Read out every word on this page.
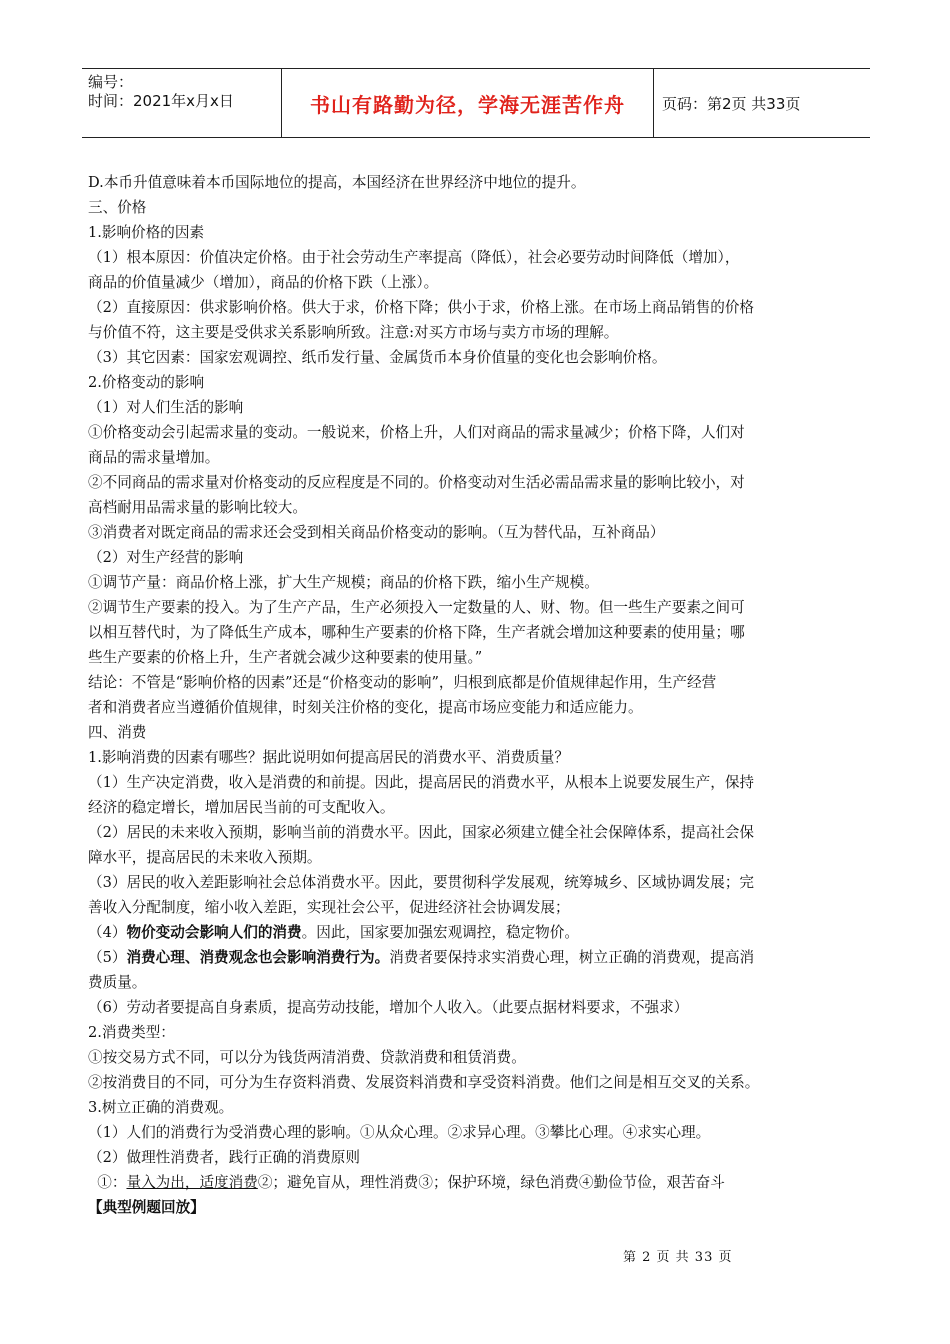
编号：
时间：2021年x月x日	书山有路勤为径，学海无涯苦作舟	页码：第2页 共33页
D.本币升值意味着本币国际地位的提高，本国经济在世界经济中地位的提升。
三、价格
1.影响价格的因素
（1）根本原因：价值决定价格。由于社会劳动生产率提高（降低），社会必要劳动时间降低（增加），
商品的价值量减少（增加），商品的价格下跌（上涨）。
（2）直接原因：供求影响价格。供大于求，价格下降；供小于求，价格上涨。在市场上商品销售的价格
与价值不符，这主要是受供求关系影响所致。注意:对买方市场与卖方市场的理解。
（3）其它因素：国家宏观调控、纸币发行量、金属货币本身价值量的变化也会影响价格。
2.价格变动的影响
（1）对人们生活的影响
①价格变动会引起需求量的变动。一般说来，价格上升，人们对商品的需求量减少；价格下降，人们对
商品的需求量增加。
②不同商品的需求量对价格变动的反应程度是不同的。价格变动对生活必需品需求量的影响比较小，对
高档耐用品需求量的影响比较大。
③消费者对既定商品的需求还会受到相关商品价格变动的影响。（互为替代品，互补商品）
（2）对生产经营的影响
①调节产量：商品价格上涨，扩大生产规模；商品的价格下跌，缩小生产规模。
②调节生产要素的投入。为了生产产品，生产必须投入一定数量的人、财、物。但一些生产要素之间可
以相互替代时，为了降低生产成本，哪种生产要素的价格下降，生产者就会增加这种要素的使用量；哪
些生产要素的价格上升，生产者就会减少这种要素的使用量。”
结论：不管是“影响价格的因素”还是“价格变动的影响”，归根到底都是价值规律起作用，生产经营
者和消费者应当遵循价值规律，时刻关注价格的变化，提高市场应变能力和适应能力。
四、消费
1.影响消费的因素有哪些？据此说明如何提高居民的消费水平、消费质量？
（1）生产决定消费，收入是消费的和前提。因此，提高居民的消费水平，从根本上说要发展生产，保持
经济的稳定增长，增加居民当前的可支配收入。
（2）居民的未来收入预期，影响当前的消费水平。因此，国家必须建立健全社会保障体系，提高社会保
障水平，提高居民的未来收入预期。
（3）居民的收入差距影响社会总体消费水平。因此，要贯彻科学发展观，统筹城乡、区域协调发展；完
善收入分配制度，缩小收入差距，实现社会公平，促进经济社会协调发展；
（4）物价变动会影响人们的消费。因此，国家要加强宏观调控，稳定物价。
（5）消费心理、消费观念也会影响消费行为。消费者要保持求实消费心理，树立正确的消费观，提高消
费质量。
（6）劳动者要提高自身素质，提高劳动技能，增加个人收入。（此要点据材料要求，不强求）
2.消费类型：
①按交易方式不同，可以分为钱货两清消费、贷款消费和租赁消费。
②按消费目的不同，可分为生存资料消费、发展资料消费和享受资料消费。他们之间是相互交叉的关系。
3.树立正确的消费观。
（1）人们的消费行为受消费心理的影响。①从众心理。②求异心理。③攀比心理。④求实心理。
（2）做理性消费者，践行正确的消费原则
①：量入为出，适度消费②；避免盲从，理性消费③；保护环境，绿色消费④勤俭节俭，艰苦奋斗
【典型例题回放】
第 2 页 共 33 页
